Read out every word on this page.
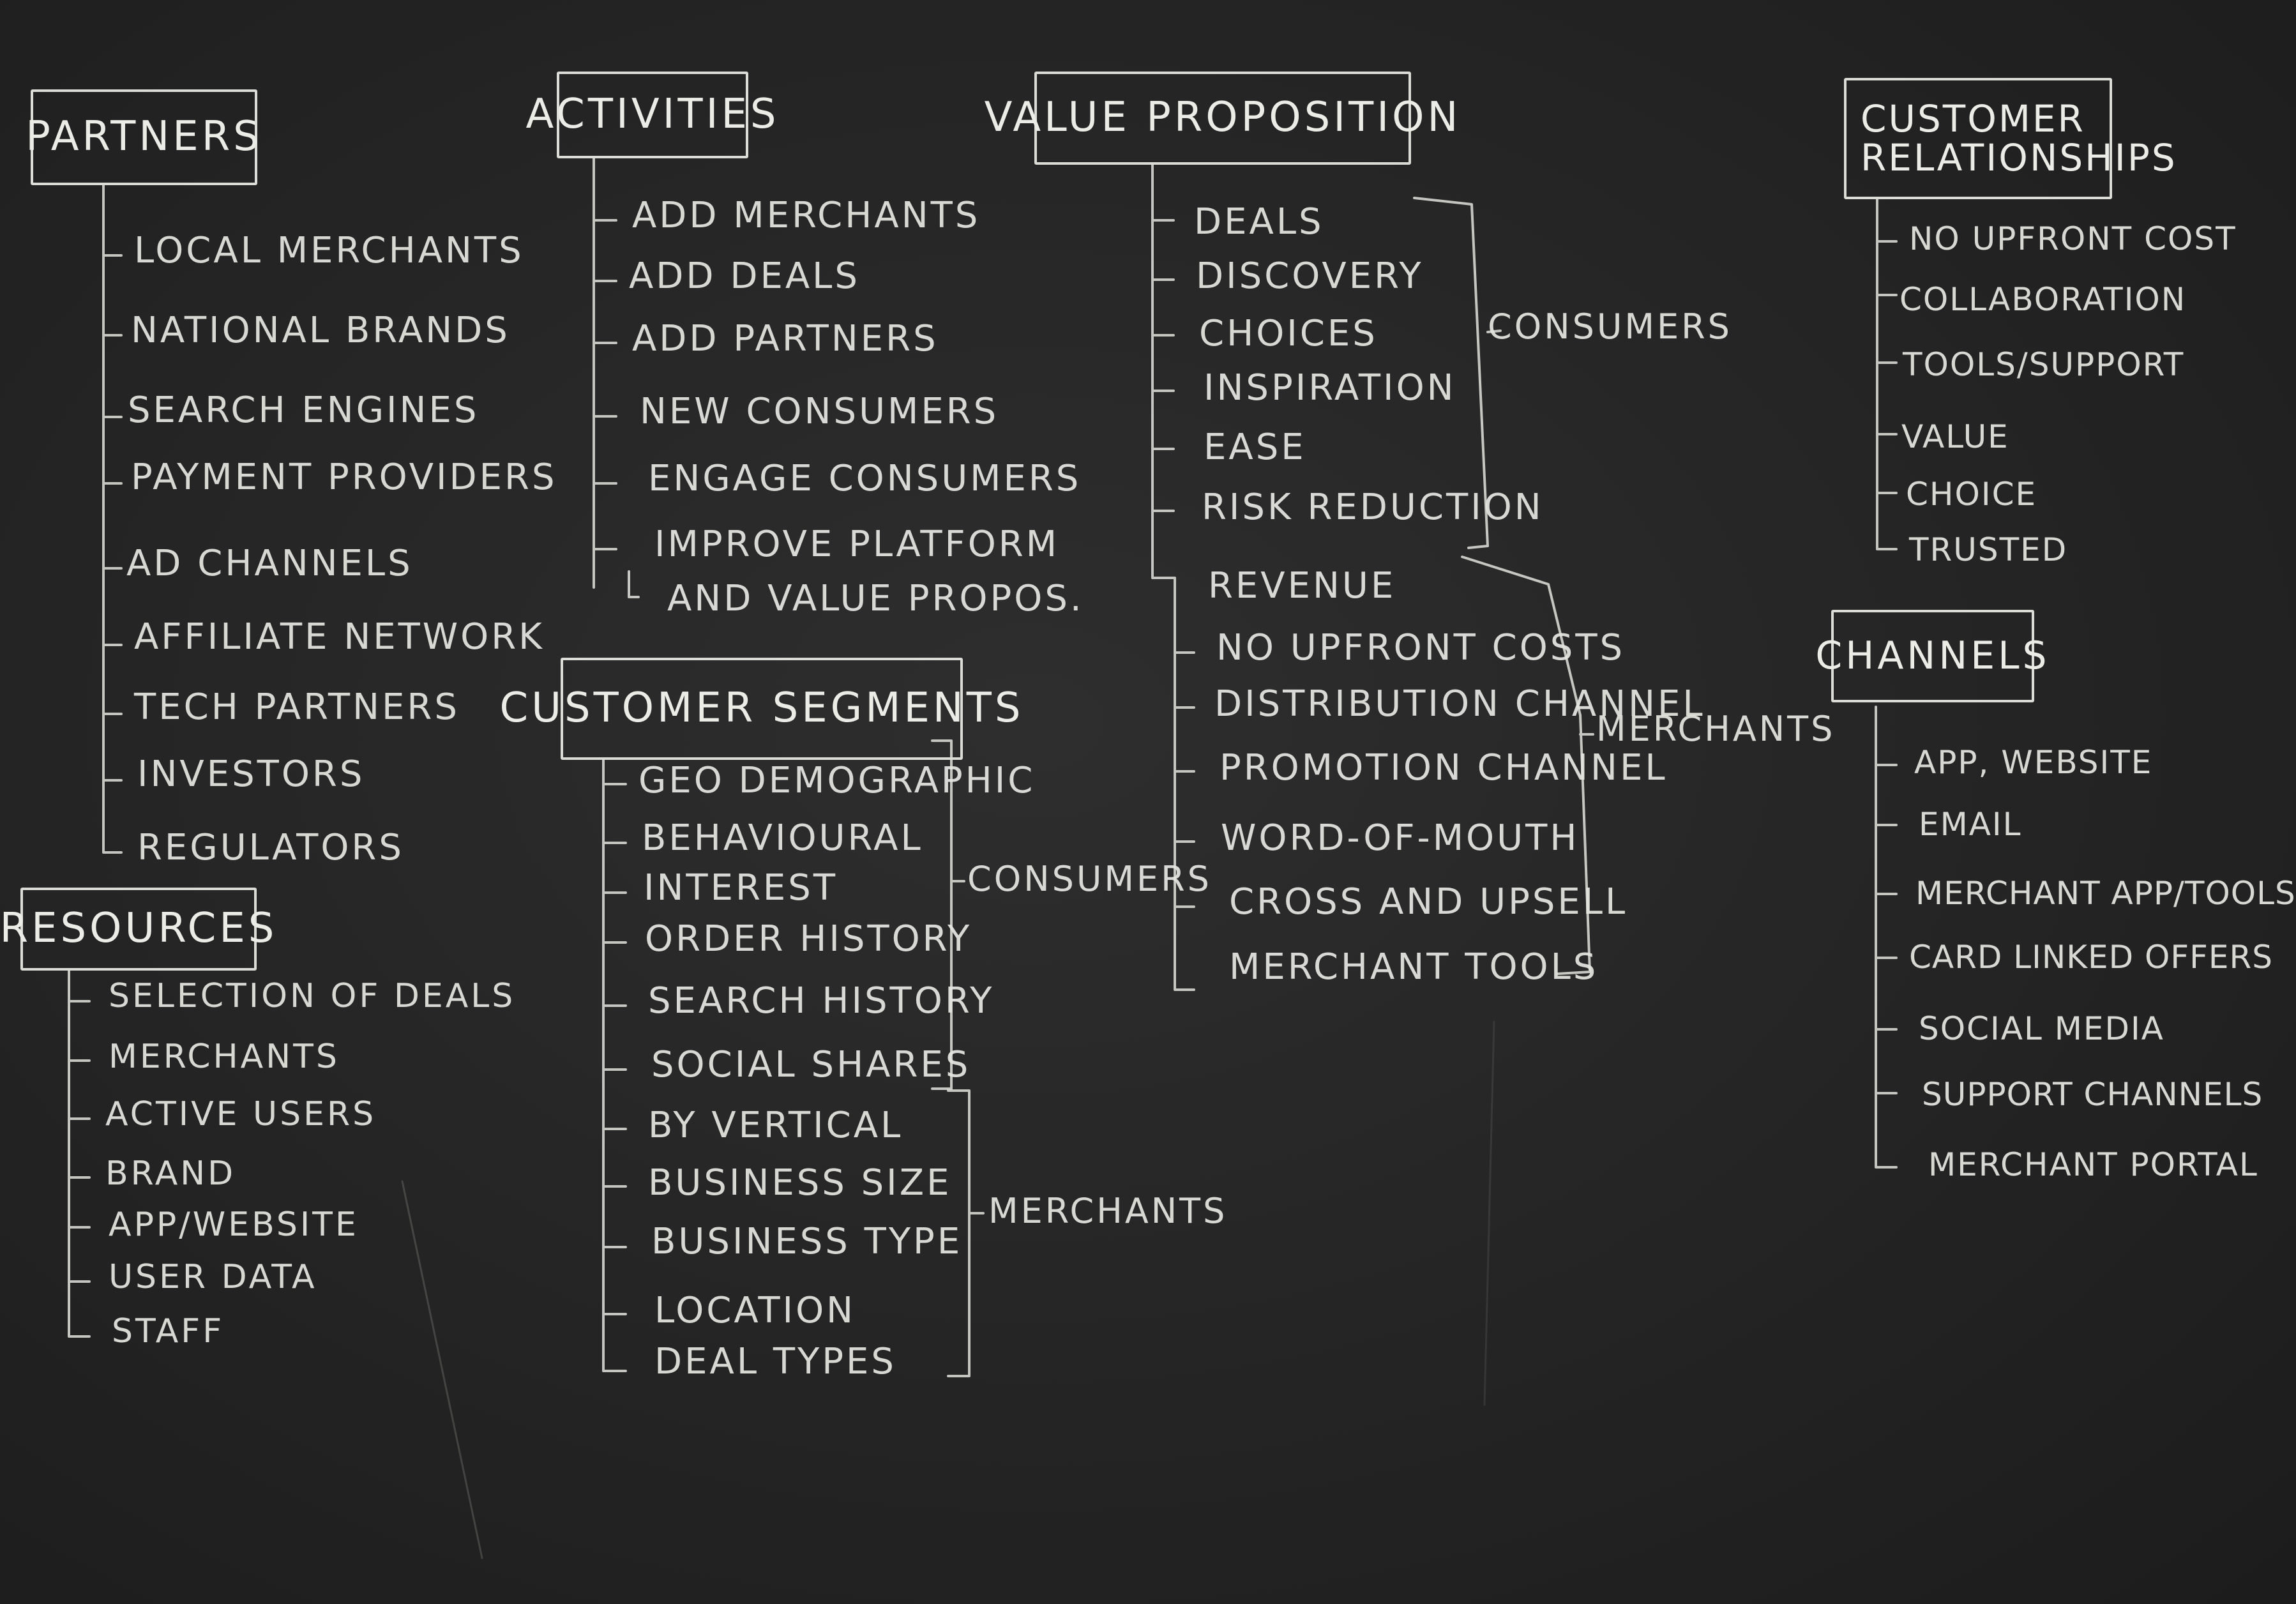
PARTNERS
LOCAL MERCHANTS
NATIONAL BRANDS
SEARCH ENGINES
PAYMENT PROVIDERS
AD CHANNELS
AFFILIATE NETWORK
TECH PARTNERS
INVESTORS
REGULATORS
RESOURCES
SELECTION OF DEALS
MERCHANTS
ACTIVE USERS
BRAND
APP/WEBSITE
USER DATA
STAFF
ACTIVITIES
ADD MERCHANTS
ADD DEALS
ADD PARTNERS
NEW CONSUMERS
ENGAGE CONSUMERS
IMPROVE PLATFORM
AND VALUE PROPOS.
CUSTOMER SEGMENTS
GEO DEMOGRAPHIC
BEHAVIOURAL
INTEREST
ORDER HISTORY
SEARCH HISTORY
SOCIAL SHARES
BY VERTICAL
BUSINESS SIZE
BUSINESS TYPE
LOCATION
DEAL TYPES
CONSUMERS
MERCHANTS
VALUE PROPOSITION
DEALS
DISCOVERY
CHOICES
INSPIRATION
EASE
RISK REDUCTION
REVENUE
NO UPFRONT COSTS
DISTRIBUTION CHANNEL
PROMOTION CHANNEL
WORD-OF-MOUTH
CROSS AND UPSELL
MERCHANT TOOLS
CONSUMERS
MERCHANTS
CUSTOMER
RELATIONSHIPS
NO UPFRONT COST
COLLABORATION
TOOLS/SUPPORT
VALUE
CHOICE
TRUSTED
CHANNELS
APP, WEBSITE
EMAIL
MERCHANT APP/TOOLS
CARD LINKED OFFERS
SOCIAL MEDIA
SUPPORT CHANNELS
MERCHANT PORTAL
